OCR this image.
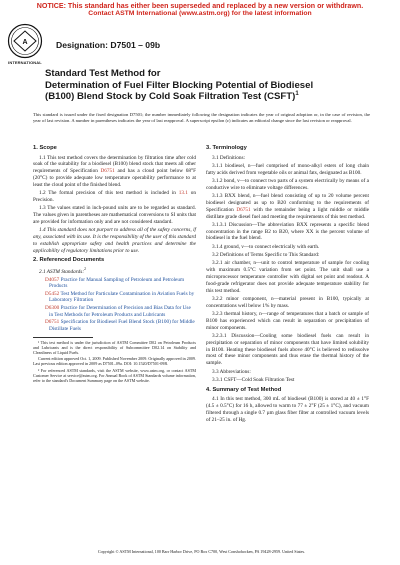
NOTICE: This standard has either been superseded and replaced by a new version or withdrawn.
Contact ASTM International (www.astm.org) for the latest information
A
INTERNATIONAL
Designation: D7501 – 09b
Standard Test Method for
Determination of Fuel Filter Blocking Potential of Biodiesel
(B100) Blend Stock by Cold Soak Filtration Test (CSFT)$^1$
This standard is issued under the fixed designation D7501; the number immediately following the designation indicates the year of original adoption or, in the case of revision, the year of last revision. A number in parentheses indicates the year of last reapproval. A superscript epsilon (ε) indicates an editorial change since the last revision or reapproval.
1. Scope

1.1 This test method covers the determination by filtration time after cold soak of the suitability for a biodiesel (B100) blend stock that meets all other requirements of Specification D6751 and has a cloud point below 68°F (20°C) to provide adequate low temperature operability performance to at least the cloud point of the finished blend.

1.2 The formal precision of this test method is included in 13.1 on Precision.

1.3 The values stated in inch-pound units are to be regarded as standard. The values given in parentheses are mathematical conversions to SI units that are provided for information only and are not considered standard.

1.4 This standard does not purport to address all of the safety concerns, if any, associated with its use. It is the responsibility of the user of this standard to establish appropriate safety and health practices and determine the applicability of regulatory limitations prior to use.

2. Referenced Documents
2.1 ASTM Standards:$^2$
D4057 Practice for Manual Sampling of Petroleum and Petroleum Products
D5452 Test Method for Particulate Contamination in Aviation Fuels by Laboratory Filtration
D6300 Practice for Determination of Precision and Bias Data for Use in Test Methods for Petroleum Products and Lubricants
D6751 Specification for Biodiesel Fuel Blend Stock (B100) for Middle Distillate Fuels

¹ This test method is under the jurisdiction of ASTM Committee D02 on Petroleum Products and Lubricants and is the direct responsibility of Subcommittee D02.14 on Stability and Cleanliness of Liquid Fuels.

Current edition approved Oct. 1, 2009. Published November 2009. Originally approved in 2009. Last previous edition approved in 2009 as D7501–09a. DOI: 10.1520/D7501-09B.

² For referenced ASTM standards, visit the ASTM website, www.astm.org, or contact ASTM Customer Service at service@astm.org. For Annual Book of ASTM Standards volume information, refer to the standard's Document Summary page on the ASTM website.

3. Terminology

3.1 Definitions:

3.1.1 biodiesel, n—fuel comprised of mono-alkyl esters of long chain fatty acids derived from vegetable oils or animal fats, designated as B100.

3.1.2 bond, v—to connect two parts of a system electrically by means of a conductive wire to eliminate voltage differences.

3.1.3 BXX blend, n—fuel blend consisting of up to 20 volume percent biodiesel designated as up to B20 conforming to the requirements of Specification D6751 with the remainder being a light middle or middle distillate grade diesel fuel and meeting the requirements of this test method.

3.1.3.1 Discussion—The abbreviation BXX represents a specific blend concentration in the range B2 to B20, where XX is the percent volume of biodiesel in the fuel blend.

3.1.4 ground, v—to connect electrically with earth.

3.2 Definitions of Terms Specific to This Standard:

3.2.1 air chamber, n—unit to control temperature of sample for cooling with maximum 0.5°C variation from set point. The unit shall use a microprocessor temperature controller with digital set point and readout. A food-grade refrigerator does not provide adequate temperature stability for this test method.

3.2.2 minor component, n—material present in B100, typically at concentrations well below 1% by mass.

3.2.3 thermal history, n—range of temperatures that a batch or sample of B100 has experienced which can result in separation or precipitation of minor components.

3.2.3.1 Discussion—Cooling some biodiesel fuels can result in precipitation or separation of minor components that have limited solubility in B100. Heating these biodiesel fuels above 40°C is believed to redissolve most of these minor components and thus erase the thermal history of the sample.

3.3 Abbreviations:

3.3.1 CSFT—Cold Soak Filtration Test

4. Summary of Test Method

4.1 In this test method, 300 mL of biodiesel (B100) is stored at 40 ± 1°F (4.5 ± 0.5°C) for 16 h, allowed to warm to 77 ± 2°F (25 ± 1°C), and vacuum filtered through a single 0.7 µm glass fiber filter at controlled vacuum levels of 21–25 in. of Hg.

Copyright © ASTM International, 100 Barr Harbor Drive, PO Box C700, West Conshohocken, PA 19428-2959. United States.
